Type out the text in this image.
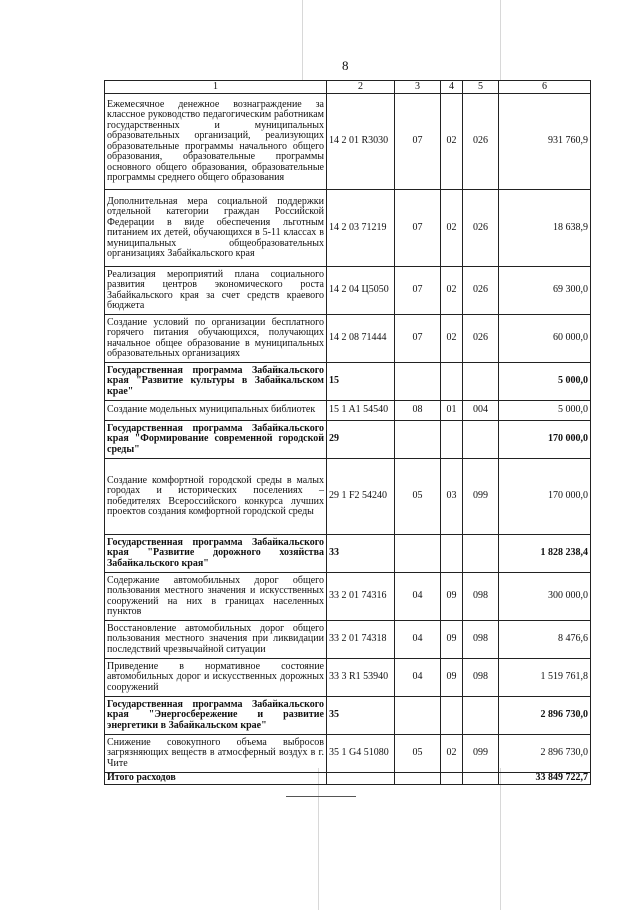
8
1	2	3	4	5	6
Ежемесячное денежное вознаграждение за классное руководство педагогическим работникам государственных и муниципальных образовательных организаций, реализующих образовательные программы начального общего образования, образовательные программы основного общего образования, образовательные программы среднего общего образования	14 2 01 R3030	07	02	026	931 760,9
Дополнительная мера социальной поддержки отдельной категории граждан Российской Федерации в виде обеспечения льготным питанием их детей, обучающихся в 5-11 классах в муниципальных общеобразовательных организациях Забайкальского края	14 2 03 71219	07	02	026	18 638,9
Реализация мероприятий плана социального развития центров экономического роста Забайкальского края за счет средств краевого бюджета	14 2 04 Ц5050	07	02	026	69 300,0
Создание условий по организации бесплатного горячего питания обучающихся, получающих начальное общее образование в муниципальных образовательных организациях	14 2 08 71444	07	02	026	60 000,0
Государственная программа Забайкальского края "Развитие культуры в Забайкальском крае"	15				5 000,0
Создание модельных муниципальных библиотек	15 1 A1 54540	08	01	004	5 000,0
Государственная программа Забайкальского края "Формирование современной городской среды"	29				170 000,0
Создание комфортной городской среды в малых городах и исторических поселениях – победителях Всероссийского конкурса лучших проектов создания комфортной городской среды	29 1 F2 54240	05	03	099	170 000,0
Государственная программа Забайкальского края "Развитие дорожного хозяйства Забайкальского края"	33				1 828 238,4
Содержание автомобильных дорог общего пользования местного значения и искусственных сооружений на них в границах населенных пунктов	33 2 01 74316	04	09	098	300 000,0
Восстановление автомобильных дорог общего пользования местного значения при ликвидации последствий чрезвычайной ситуации	33 2 01 74318	04	09	098	8 476,6
Приведение в нормативное состояние автомобильных дорог и искусственных дорожных сооружений	33 3 R1 53940	04	09	098	1 519 761,8
Государственная программа Забайкальского края "Энергосбережение и развитие энергетики в Забайкальском крае"	35				2 896 730,0
Снижение совокупного объема выбросов загрязняющих веществ в атмосферный воздух в г. Чите	35 1 G4 51080	05	02	099	2 896 730,0
Итого расходов					33 849 722,7
